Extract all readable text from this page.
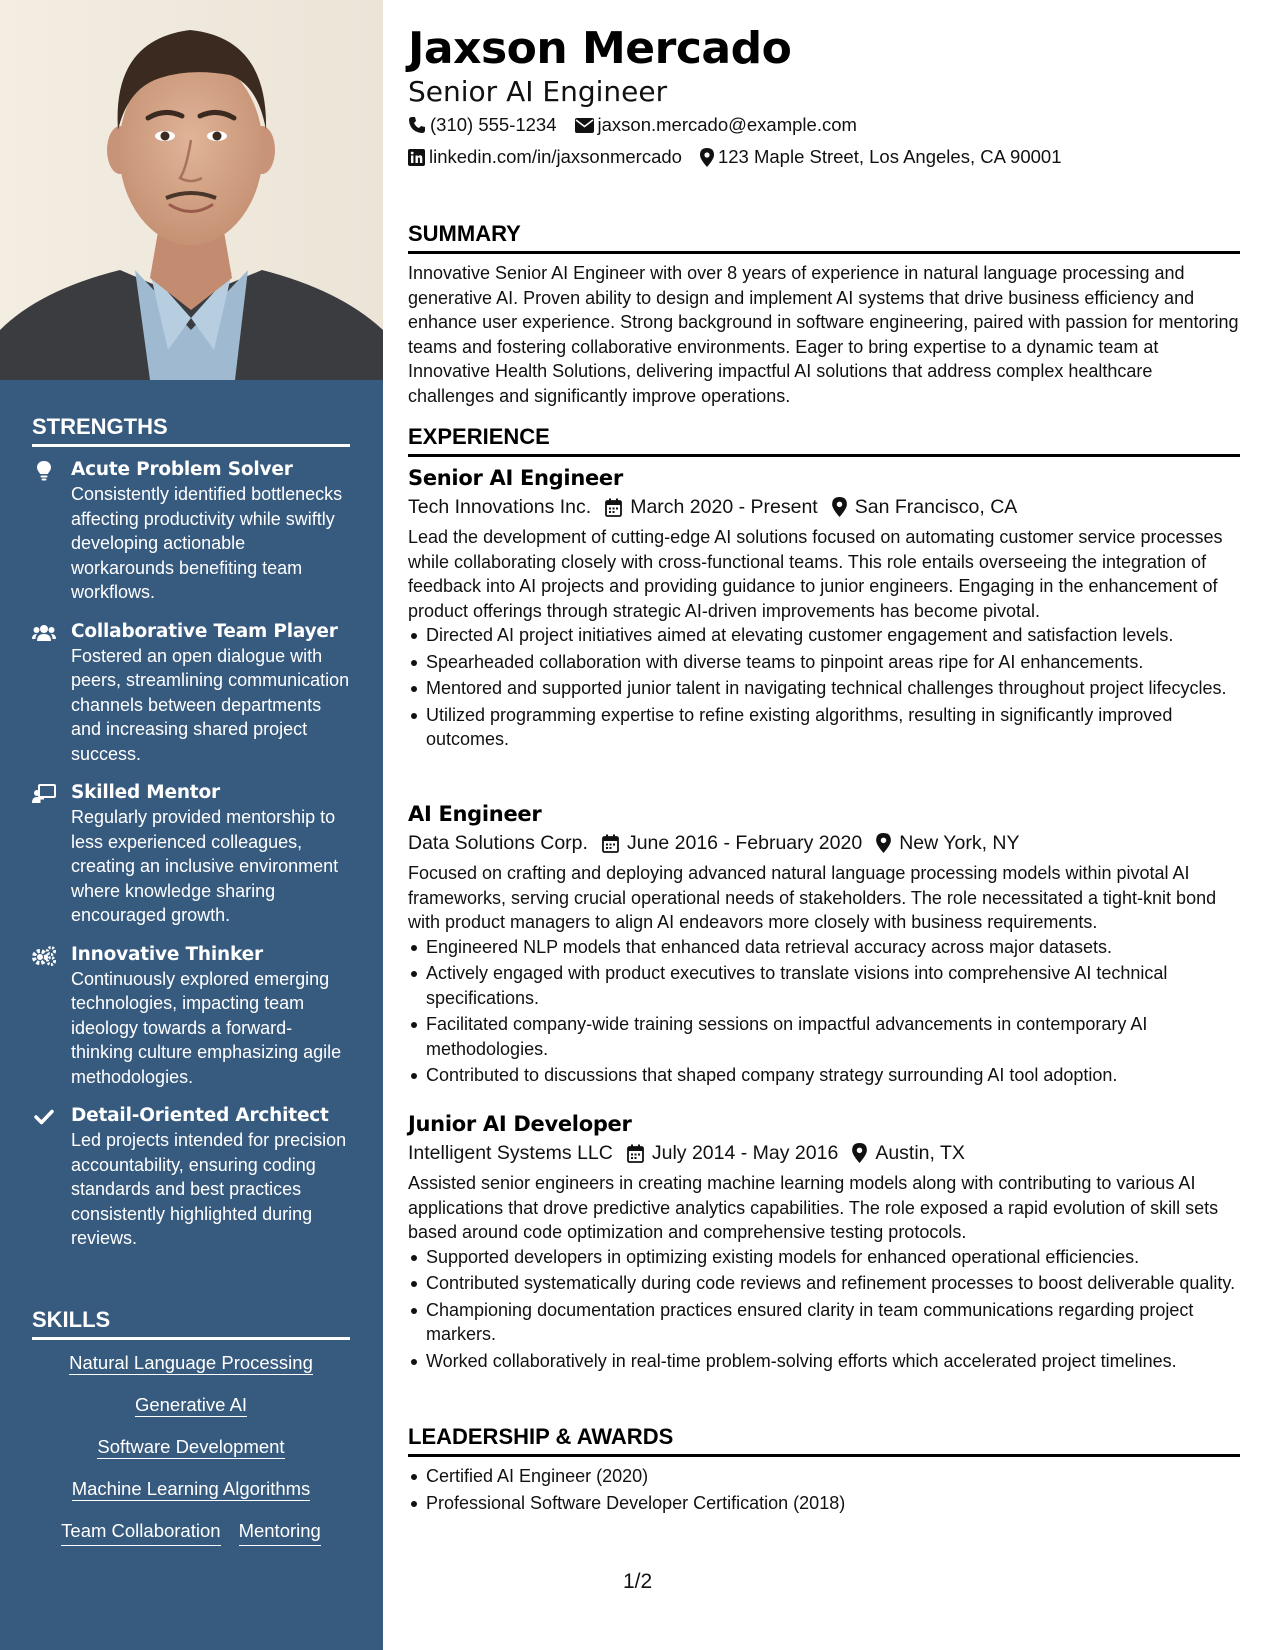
STRENGTHS
Acute Problem Solver
Consistently identified bottlenecks affecting productivity while swiftly developing actionable workarounds benefiting team workflows.
Collaborative Team Player
Fostered an open dialogue with peers, streamlining communication channels between departments and increasing shared project success.
Skilled Mentor
Regularly provided mentorship to less experienced colleagues, creating an inclusive environment where knowledge sharing encouraged growth.
Innovative Thinker
Continuously explored emerging technologies, impacting team ideology towards a forward-thinking culture emphasizing agile methodologies.
Detail-Oriented Architect
Led projects intended for precision accountability, ensuring coding standards and best practices consistently highlighted during reviews.
SKILLS
Natural Language Processing
Generative AI
Software Development
Machine Learning Algorithms
Team Collaboration Mentoring
Jaxson Mercado
Senior AI Engineer
(310) 555-1234 jaxson.mercado@example.com
linkedin.com/in/jaxsonmercado 123 Maple Street, Los Angeles, CA 90001
SUMMARY
Innovative Senior AI Engineer with over 8 years of experience in natural language processing and generative AI. Proven ability to design and implement AI systems that drive business efficiency and enhance user experience. Strong background in software engineering, paired with passion for mentoring teams and fostering collaborative environments. Eager to bring expertise to a dynamic team at Innovative Health Solutions, delivering impactful AI solutions that address complex healthcare challenges and significantly improve operations.
EXPERIENCE
Senior AI Engineer
Tech Innovations Inc. March 2020 - Present San Francisco, CA
Lead the development of cutting-edge AI solutions focused on automating customer service processes while collaborating closely with cross-functional teams. This role entails overseeing the integration of feedback into AI projects and providing guidance to junior engineers. Engaging in the enhancement of product offerings through strategic AI-driven improvements has become pivotal.
Directed AI project initiatives aimed at elevating customer engagement and satisfaction levels.
Spearheaded collaboration with diverse teams to pinpoint areas ripe for AI enhancements.
Mentored and supported junior talent in navigating technical challenges throughout project lifecycles.
Utilized programming expertise to refine existing algorithms, resulting in significantly improved outcomes.
AI Engineer
Data Solutions Corp. June 2016 - February 2020 New York, NY
Focused on crafting and deploying advanced natural language processing models within pivotal AI frameworks, serving crucial operational needs of stakeholders. The role necessitated a tight-knit bond with product managers to align AI endeavors more closely with business requirements.
Engineered NLP models that enhanced data retrieval accuracy across major datasets.
Actively engaged with product executives to translate visions into comprehensive AI technical specifications.
Facilitated company-wide training sessions on impactful advancements in contemporary AI methodologies.
Contributed to discussions that shaped company strategy surrounding AI tool adoption.
Junior AI Developer
Intelligent Systems LLC July 2014 - May 2016 Austin, TX
Assisted senior engineers in creating machine learning models along with contributing to various AI applications that drove predictive analytics capabilities. The role exposed a rapid evolution of skill sets based around code optimization and comprehensive testing protocols.
Supported developers in optimizing existing models for enhanced operational efficiencies.
Contributed systematically during code reviews and refinement processes to boost deliverable quality.
Championing documentation practices ensured clarity in team communications regarding project markers.
Worked collaboratively in real-time problem-solving efforts which accelerated project timelines.
LEADERSHIP & AWARDS
Certified AI Engineer (2020)
Professional Software Developer Certification (2018)
1/2
